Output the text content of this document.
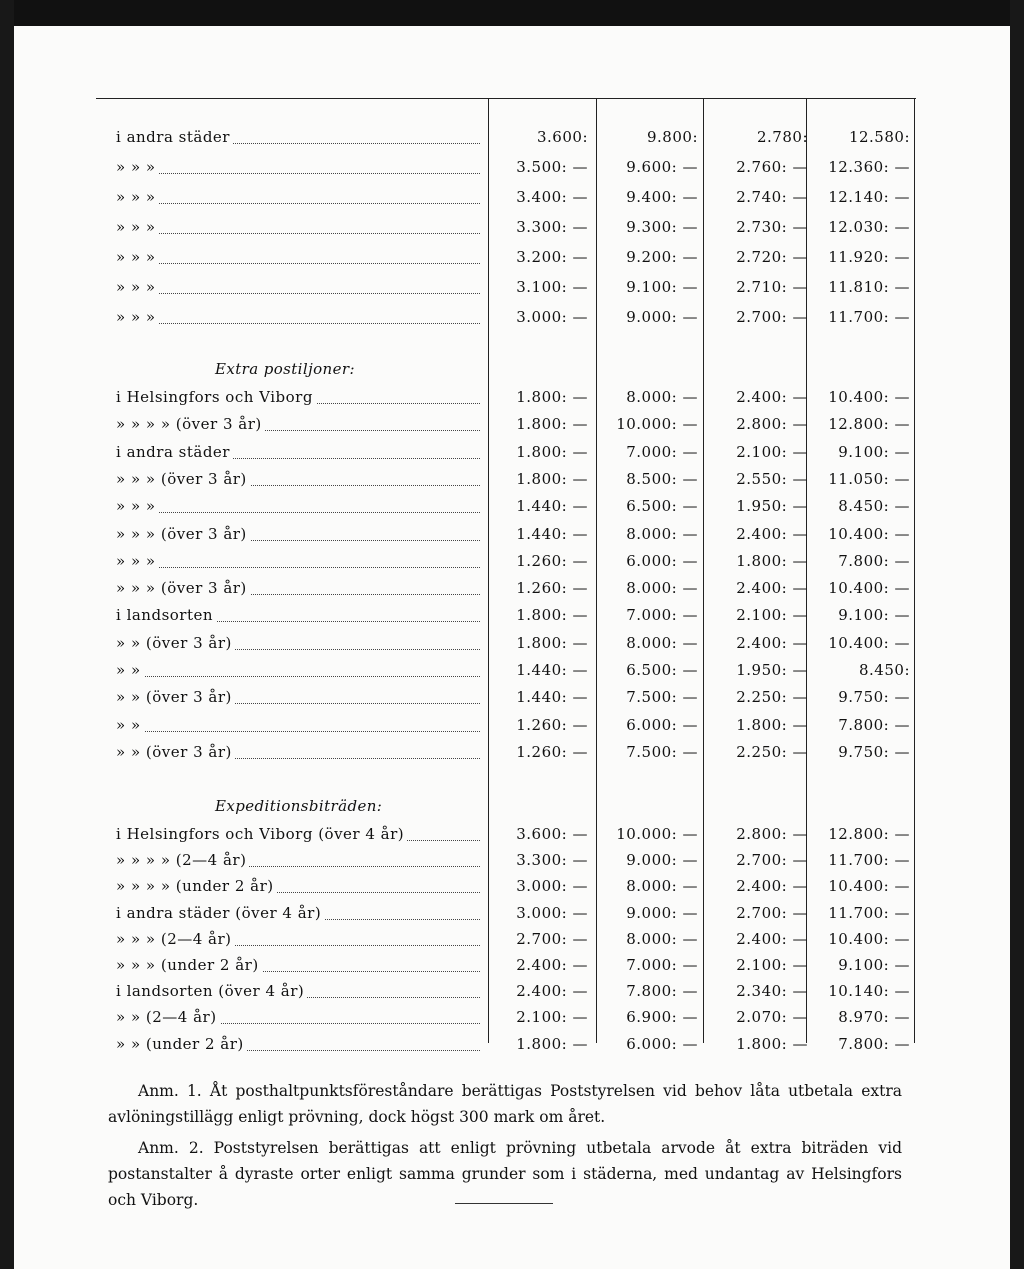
i andra städer	3.600:	9.800:	2.780:	12.580:
» » »	3.500: —	9.600: —	2.760: —	12.360: —
» » »	3.400: —	9.400: —	2.740: —	12.140: —
» » »	3.300: —	9.300: —	2.730: —	12.030: —
» » »	3.200: —	9.200: —	2.720: —	11.920: —
» » »	3.100: —	9.100: —	2.710: —	11.810: —
» » »	3.000: —	9.000: —	2.700: —	11.700: —
Extra postiljoner:
i Helsingfors och Viborg	1.800: —	8.000: —	2.400: —	10.400: —
» » » » (över 3 år)	1.800: —	10.000: —	2.800: —	12.800: —
i andra städer	1.800: —	7.000: —	2.100: —	9.100: —
» » » (över 3 år)	1.800: —	8.500: —	2.550: —	11.050: —
» » »	1.440: —	6.500: —	1.950: —	8.450: —
» » » (över 3 år)	1.440: —	8.000: —	2.400: —	10.400: —
» » »	1.260: —	6.000: —	1.800: —	7.800: —
» » » (över 3 år)	1.260: —	8.000: —	2.400: —	10.400: —
i landsorten	1.800: —	7.000: —	2.100: —	9.100: —
» » (över 3 år)	1.800: —	8.000: —	2.400: —	10.400: —
» »	1.440: —	6.500: —	1.950: —	8.450:
» » (över 3 år)	1.440: —	7.500: —	2.250: —	9.750: —
» »	1.260: —	6.000: —	1.800: —	7.800: —
» » (över 3 år)	1.260: —	7.500: —	2.250: —	9.750: —
Expeditionsbiträden:
i Helsingfors och Viborg (över 4 år)	3.600: —	10.000: —	2.800: —	12.800: —
» » » » (2—4 år)	3.300: —	9.000: —	2.700: —	11.700: —
» » » » (under 2 år)	3.000: —	8.000: —	2.400: —	10.400: —
i andra städer (över 4 år)	3.000: —	9.000: —	2.700: —	11.700: —
» » » (2—4 år)	2.700: —	8.000: —	2.400: —	10.400: —
» » » (under 2 år)	2.400: —	7.000: —	2.100: —	9.100: —
i landsorten (över 4 år)	2.400: —	7.800: —	2.340: —	10.140: —
» » (2—4 år)	2.100: —	6.900: —	2.070: —	8.970: —
» » (under 2 år)	1.800: —	6.000: —	1.800: —	7.800: —

Anm. 1. Åt posthaltpunktsföreståndare berättigas Poststyrelsen vid behov låta utbetala extra avlöningstillägg enligt prövning, dock högst 300 mark om året.

Anm. 2. Poststyrelsen berättigas att enligt prövning utbetala arvode åt extra biträden vid postanstalter å dyraste orter enligt samma grunder som i städerna, med undantag av Helsingfors och Viborg.
